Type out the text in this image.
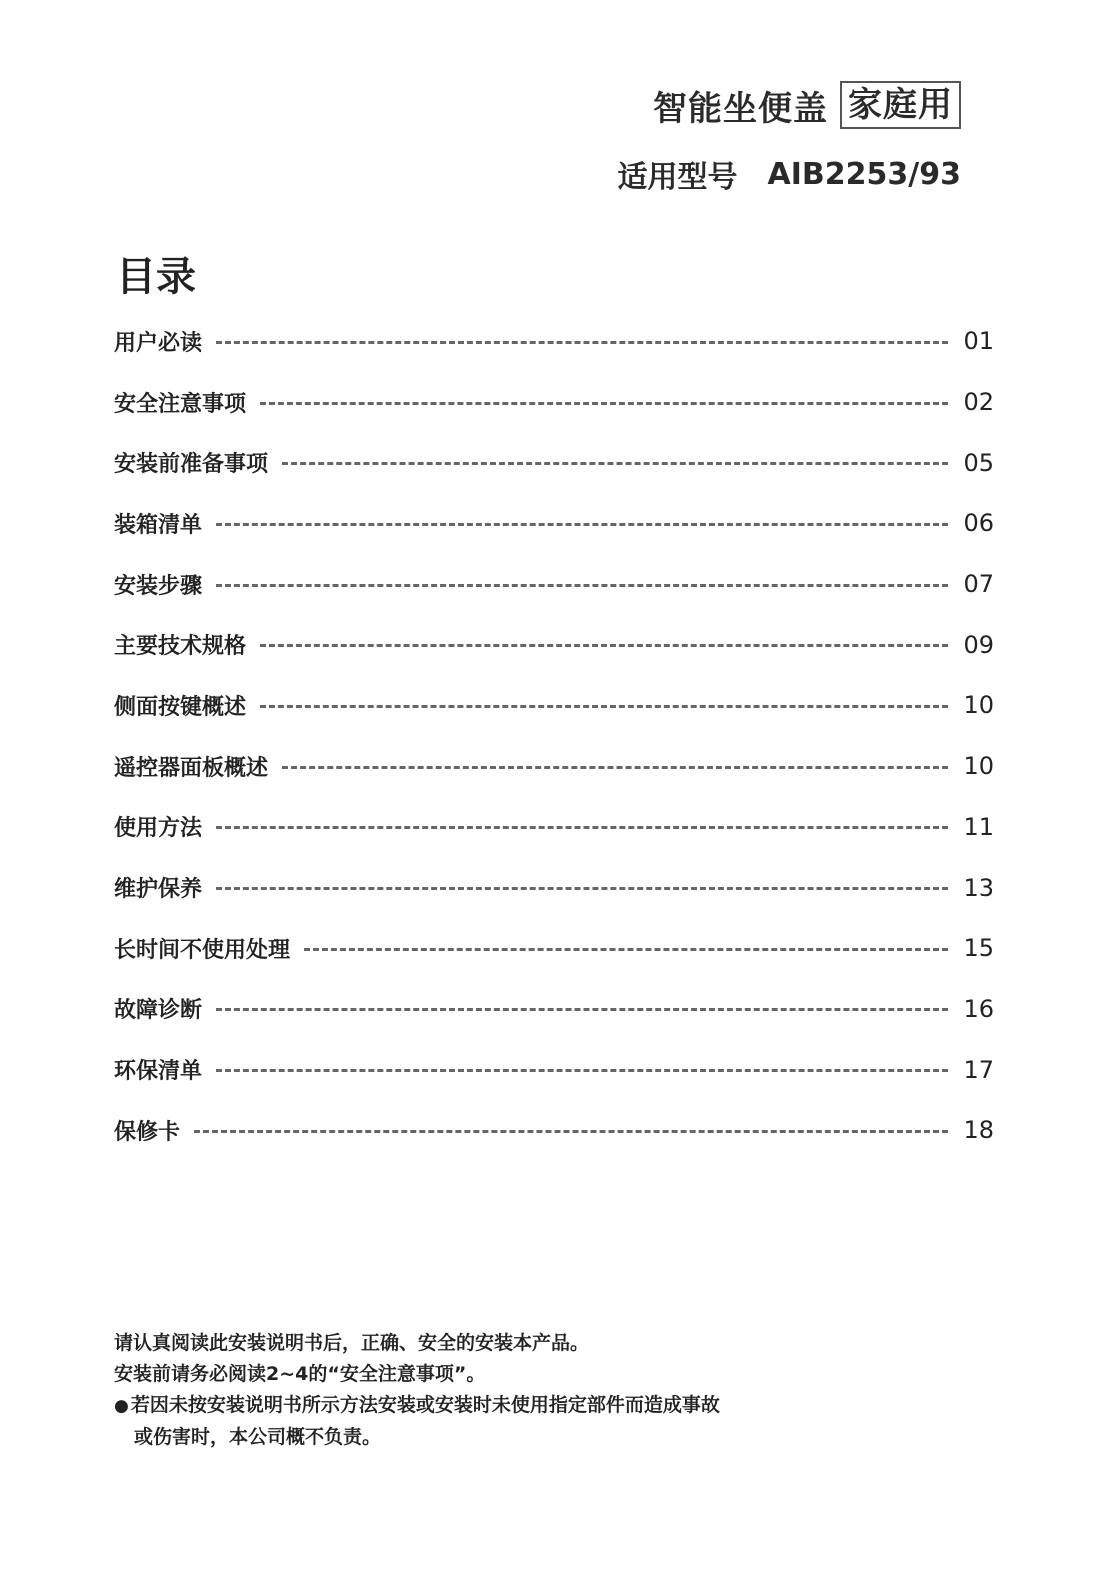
智能坐便盖 家庭用
适用型号 AIB2253/93
目录
用户必读	01
安全注意事项	02
安装前准备事项	05
装箱清单	06
安装步骤	07
主要技术规格	09
侧面按键概述	10
遥控器面板概述	10
使用方法	11
维护保养	13
长时间不使用处理	15
故障诊断	16
环保清单	17
保修卡	18

请认真阅读此安装说明书后，正确、安全的安装本产品。

安装前请务必阅读2~4的“安全注意事项”。

● 若因未按安装说明书所示方法安装或安装时未使用指定部件而造成事故

或伤害时，本公司概不负责。
